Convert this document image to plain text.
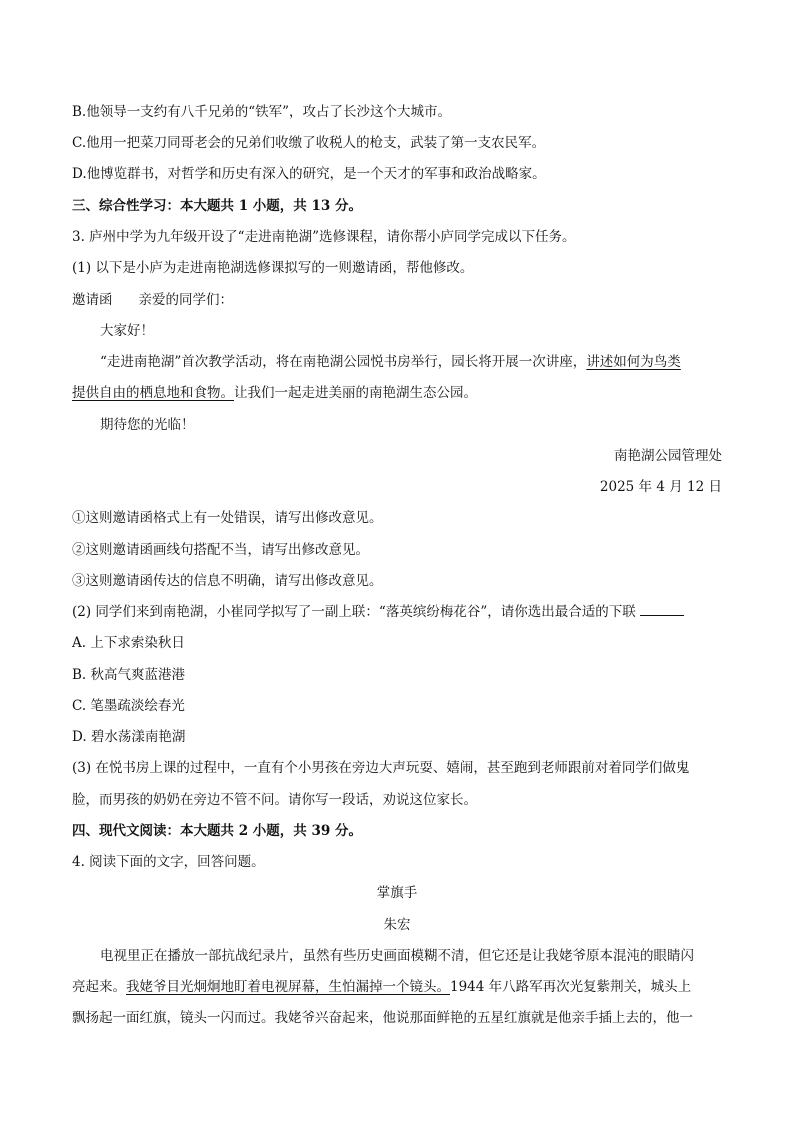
B.他领导一支约有八千兄弟的“铁军”，攻占了长沙这个大城市。
C.他用一把菜刀同哥老会的兄弟们收缴了收税人的枪支，武装了第一支农民军。
D.他博览群书，对哲学和历史有深入的研究，是一个天才的军事和政治战略家。
三、综合性学习：本大题共 1 小题，共 13 分。
3. 庐州中学为九年级开设了“走进南艳湖”选修课程，请你帮小庐同学完成以下任务。
(1) 以下是小庐为走进南艳湖选修课拟写的一则邀请函，帮他修改。
邀请函 亲爱的同学们：
大家好！
“走进南艳湖”首次教学活动，将在南艳湖公园悦书房举行，园长将开展一次讲座，讲述如何为鸟类
提供自由的栖息地和食物。让我们一起走进美丽的南艳湖生态公园。
期待您的光临！
南艳湖公园管理处
2025 年 4 月 12 日
①这则邀请函格式上有一处错误，请写出修改意见。
②这则邀请函画线句搭配不当，请写出修改意见。
③这则邀请函传达的信息不明确，请写出修改意见。
(2) 同学们来到南艳湖，小崔同学拟写了一副上联：“落英缤纷梅花谷”，请你选出最合适的下联
A. 上下求索染秋日
B. 秋高气爽蓝港港
C. 笔墨疏淡绘春光
D. 碧水荡漾南艳湖
(3) 在悦书房上课的过程中，一直有个小男孩在旁边大声玩耍、嬉闹，甚至跑到老师跟前对着同学们做鬼
脸，而男孩的奶奶在旁边不管不问。请你写一段话，劝说这位家长。
四、现代文阅读：本大题共 2 小题，共 39 分。
4. 阅读下面的文字，回答问题。
掌旗手
朱宏
电视里正在播放一部抗战纪录片，虽然有些历史画面模糊不清，但它还是让我姥爷原本混沌的眼睛闪
亮起来。我姥爷目光炯炯地盯着电视屏幕，生怕漏掉一个镜头。1944 年八路军再次光复紫荆关，城头上
飘扬起一面红旗，镜头一闪而过。我姥爷兴奋起来，他说那面鲜艳的五星红旗就是他亲手插上去的，他一
